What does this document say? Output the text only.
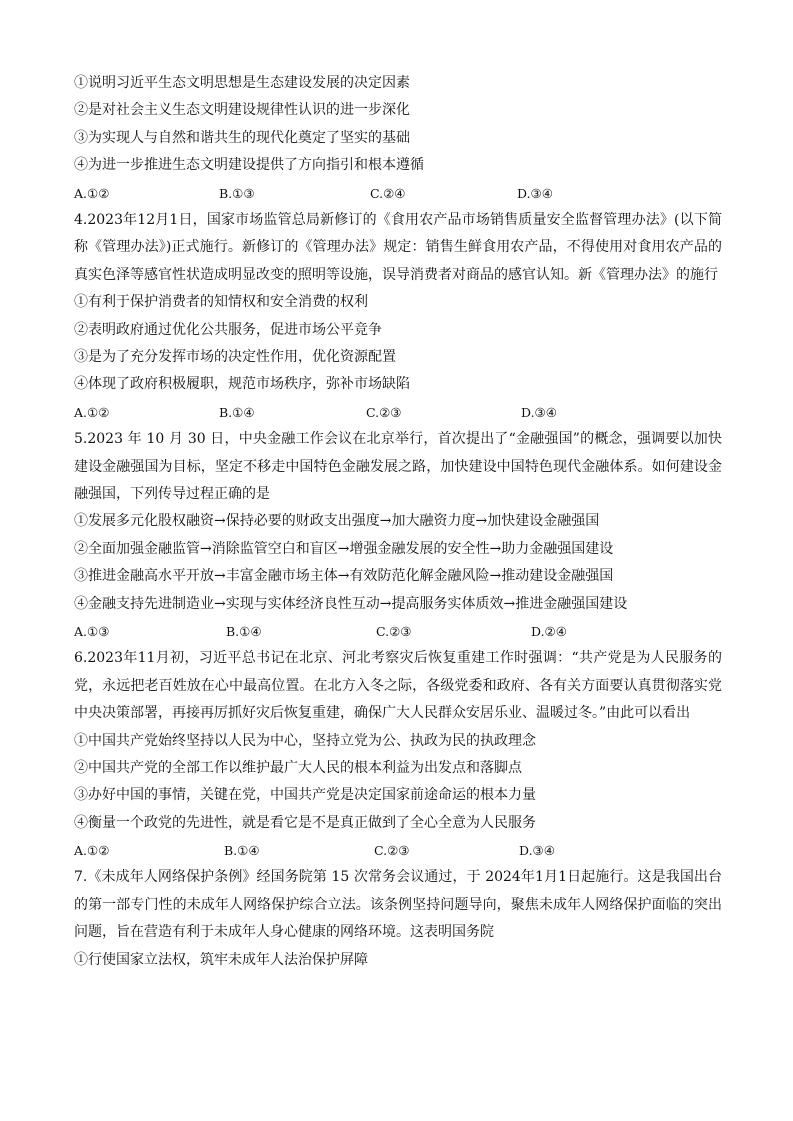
①说明习近平生态文明思想是生态建设发展的决定因素
②是对社会主义生态文明建设规律性认识的进一步深化
③为实现人与自然和谐共生的现代化奠定了坚实的基础
④为进一步推进生态文明建设提供了方向指引和根本遵循
A.①②	B.①③	C.②④	D.③④
4.2023年12月1日，国家市场监管总局新修订的《食用农产品市场销售质量安全监督管理办法》(以下简称《管理办法》)正式施行。新修订的《管理办法》规定：销售生鲜食用农产品，不得使用对食用农产品的真实色泽等感官性状造成明显改变的照明等设施，误导消费者对商品的感官认知。新《管理办法》的施行
①有利于保护消费者的知情权和安全消费的权利
②表明政府通过优化公共服务，促进市场公平竞争
③是为了充分发挥市场的决定性作用，优化资源配置
④体现了政府积极履职，规范市场秩序，弥补市场缺陷
A.①②	B.①④	C.②③	D.③④
5.2023 年 10 月 30 日，中央金融工作会议在北京举行，首次提出了“金融强国”的概念，强调要以加快建设金融强国为目标，坚定不移走中国特色金融发展之路，加快建设中国特色现代金融体系。如何建设金融强国，下列传导过程正确的是
①发展多元化股权融资→保持必要的财政支出强度→加大融资力度→加快建设金融强国
②全面加强金融监管→消除监管空白和盲区→增强金融发展的安全性→助力金融强国建设
③推进金融高水平开放→丰富金融市场主体→有效防范化解金融风险→推动建设金融强国
④金融支持先进制造业→实现与实体经济良性互动→提高服务实体质效→推进金融强国建设
A.①③	B.①④	C.②③	D.②④
6.2023年11月初，习近平总书记在北京、河北考察灾后恢复重建工作时强调：“共产党是为人民服务的党，永远把老百姓放在心中最高位置。在北方入冬之际，各级党委和政府、各有关方面要认真贯彻落实党中央决策部署，再接再厉抓好灾后恢复重建，确保广大人民群众安居乐业、温暖过冬。”由此可以看出
①中国共产党始终坚持以人民为中心，坚持立党为公、执政为民的执政理念
②中国共产党的全部工作以维护最广大人民的根本利益为出发点和落脚点
③办好中国的事情，关键在党，中国共产党是决定国家前途命运的根本力量
④衡量一个政党的先进性，就是看它是不是真正做到了全心全意为人民服务
A.①②	B.①④	C.②③	D.③④
7.《未成年人网络保护条例》经国务院第 15 次常务会议通过，于 2024年1月1日起施行。这是我国出台的第一部专门性的未成年人网络保护综合立法。该条例坚持问题导向，聚焦未成年人网络保护面临的突出问题，旨在营造有利于未成年人身心健康的网络环境。这表明国务院
①行使国家立法权，筑牢未成年人法治保护屏障
